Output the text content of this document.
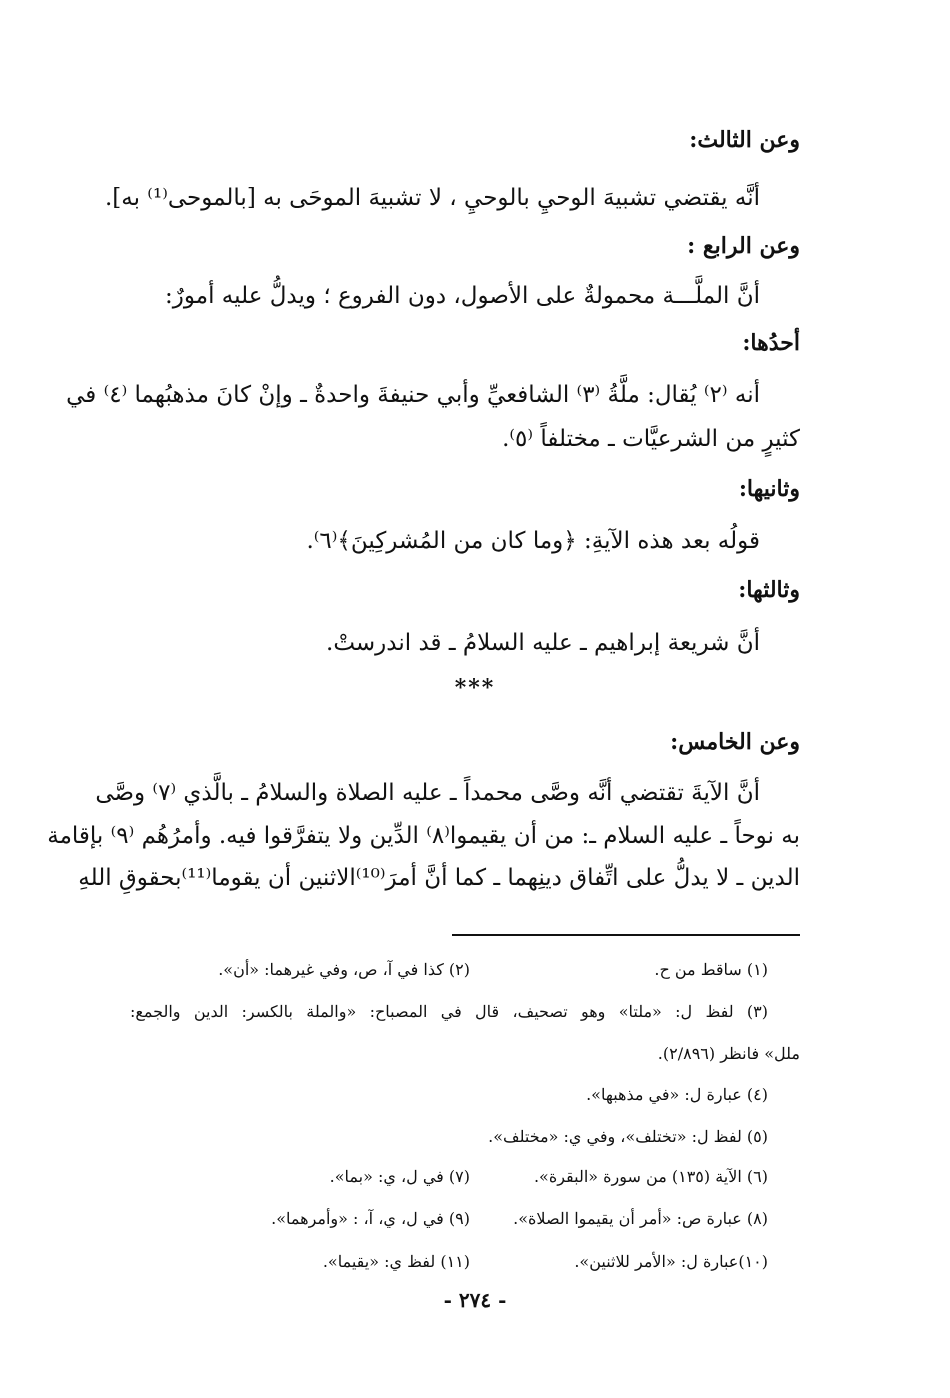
وعن الثالث:
أنَّه يقتضي تشبيهَ الوحيِ بالوحيِ ، لا تشبيهَ الموحَى به [بالموحى⁽¹⁾ به].
وعن الرابع :
أنَّ الملَّـــة محمولةٌ على الأصول، دون الفروع ؛ ويدلُّ عليه أمورٌ:
أحدُها:
أنه ⁽٢⁾ يُقال: ملَّةُ ⁽٣⁾ الشافعيِّ وأبي حنيفةَ واحدةٌ ـ وإنْ كانَ مذهبُهما ⁽٤⁾ في
كثيرٍ من الشرعيَّات ـ مختلفاً ⁽٥⁾.
وثانيها:
قولُه بعد هذه الآيةِ: ﴿وما كان من المُشركِينَ﴾⁽٦⁾.
وثالثها:
أنَّ شريعة إبراهيم ـ عليه السلامُ ـ قد اندرستْ.
***
وعن الخامس:
أنَّ الآيةَ تقتضي أنَّه وصَّى محمداً ـ عليه الصلاة والسلامُ ـ بالَّذي ⁽٧⁾ وصَّى
به نوحاً ـ عليه السلام ـ: من أن يقيموا⁽٨⁾ الدِّين ولا يتفرَّقوا فيه. وأمرُهُم ⁽٩⁾ بإقامة
الدين ـ لا يدلُّ على اتِّفاق دينِهما ـ كما أنَّ أمرَ⁽¹⁰⁾الاثنين أن يقوما⁽¹¹⁾بحقوقِ اللهِ
(١) ساقط من ح.
(٢) كذا في آ، ص، وفي غيرهما: «أن».
(٣) لفظ ل: «ملتا» وهو تصحيف، قال في المصباح: «والملة بالكسر: الدين والجمع:
ملل» فانظر (٢/٨٩٦).
(٤) عبارة ل: «في مذهبها».
(٥) لفظ ل: «تختلف»، وفي ي: «مختلف».
(٦) الآية (١٣٥) من سورة «البقرة».
(٧) في ل، ي: «بما».
(٨) عبارة ص: «أمر أن يقيموا الصلاة».
(٩) في ل، ي، آ، : «وأمرهما».
(١٠)عبارة ل: «الأمر للاثنين».
(١١) لفظ ي: «يقيما».
- ٢٧٤ -
